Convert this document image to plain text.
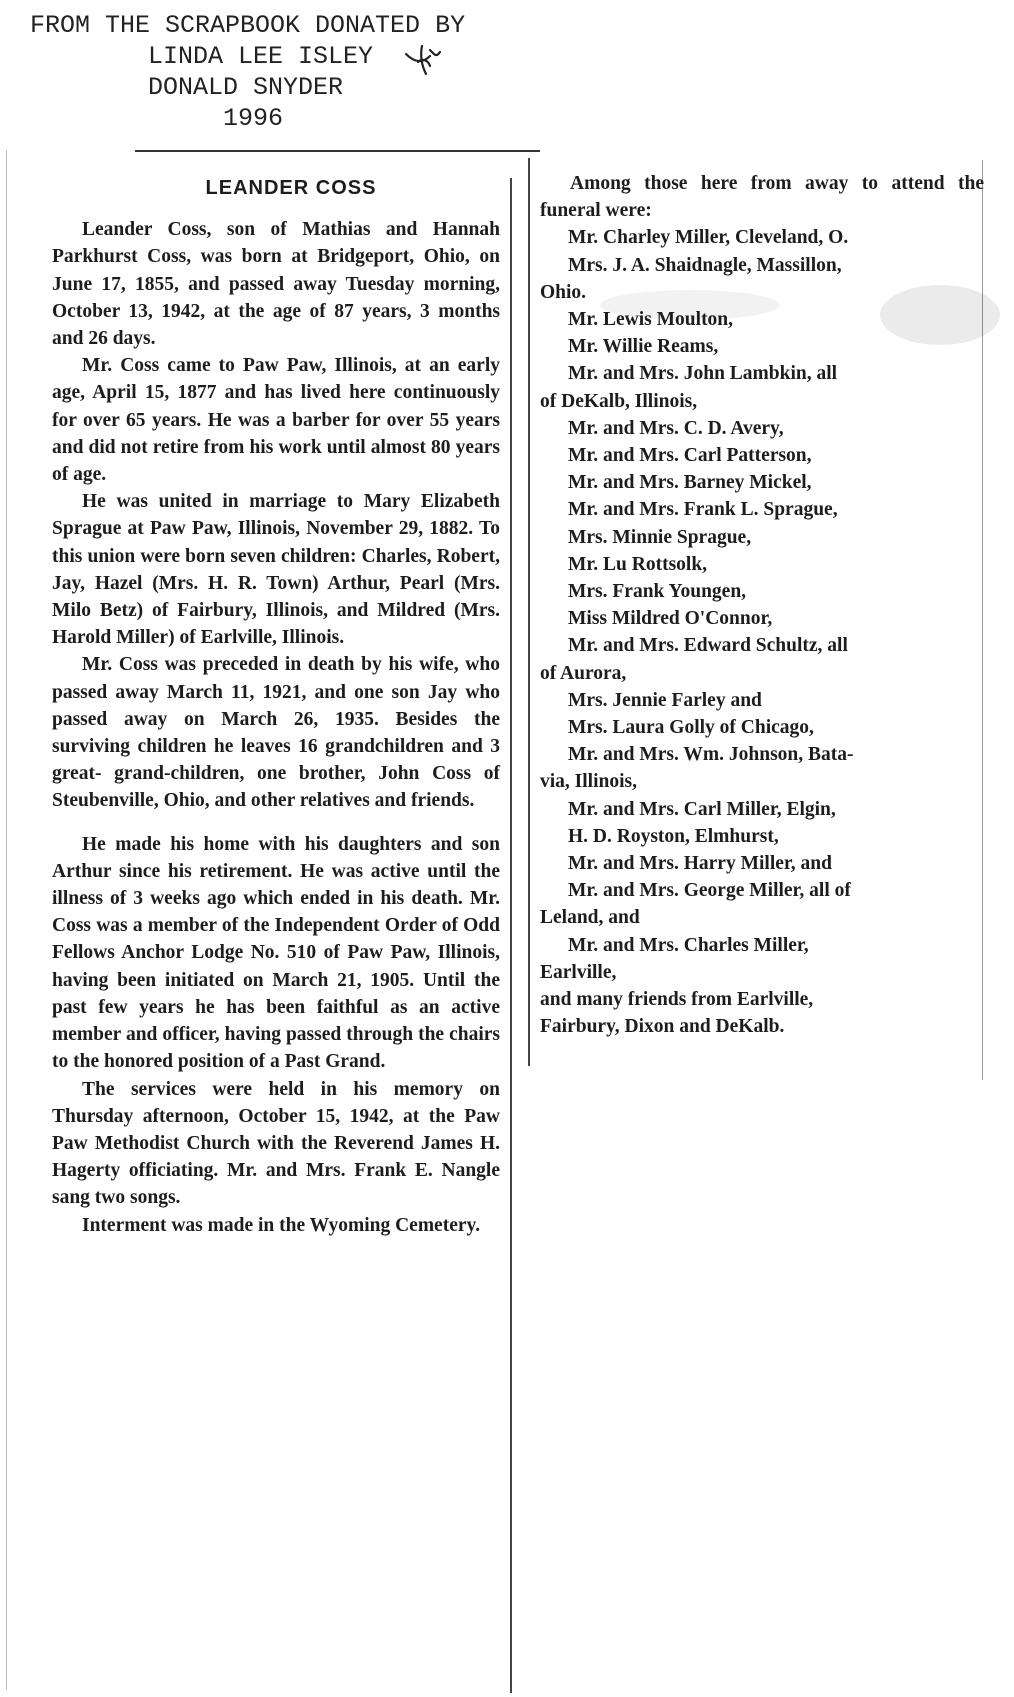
FROM THE SCRAPBOOK DONATED BY
LINDA LEE ISLEY
DONALD SNYDER
1996

LEANDER COSS

Leander Coss, son of Mathias and Hannah Parkhurst Coss, was born at Bridgeport, Ohio, on June 17, 1855, and passed away Tuesday morning, October 13, 1942, at the age of 87 years, 3 months and 26 days.

Mr. Coss came to Paw Paw, Illinois, at an early age, April 15, 1877 and has lived here continuously for over 65 years. He was a barber for over 55 years and did not retire from his work until almost 80 years of age.

He was united in marriage to Mary Elizabeth Sprague at Paw Paw, Illinois, November 29, 1882. To this union were born seven children: Charles, Robert, Jay, Hazel (Mrs. H. R. Town) Arthur, Pearl (Mrs. Milo Betz) of Fairbury, Illinois, and Mildred (Mrs. Harold Miller) of Earlville, Illinois.

Mr. Coss was preceded in death by his wife, who passed away March 11, 1921, and one son Jay who passed away on March 26, 1935. Besides the surviving children he leaves 16 grandchildren and 3 great- grand-children, one brother, John Coss of Steubenville, Ohio, and other relatives and friends.

He made his home with his daughters and son Arthur since his retirement. He was active until the illness of 3 weeks ago which ended in his death. Mr. Coss was a member of the Independent Order of Odd Fellows Anchor Lodge No. 510 of Paw Paw, Illinois, having been initiated on March 21, 1905. Until the past few years he has been faithful as an active member and officer, having passed through the chairs to the honored position of a Past Grand.

The services were held in his memory on Thursday afternoon, October 15, 1942, at the Paw Paw Methodist Church with the Reverend James H. Hagerty officiating. Mr. and Mrs. Frank E. Nangle sang two songs.

Interment was made in the Wyoming Cemetery.

Among those here from away to attend the funeral were:

Mr. Charley Miller, Cleveland, O.
Mrs. J. A. Shaidnagle, Massillon,
Ohio.
Mr. Lewis Moulton,
Mr. Willie Reams,
Mr. and Mrs. John Lambkin, all
of DeKalb, Illinois,
Mr. and Mrs. C. D. Avery,
Mr. and Mrs. Carl Patterson,
Mr. and Mrs. Barney Mickel,
Mr. and Mrs. Frank L. Sprague,
Mrs. Minnie Sprague,
Mr. Lu Rottsolk,
Mrs. Frank Youngen,
Miss Mildred O'Connor,
Mr. and Mrs. Edward Schultz, all
of Aurora,
Mrs. Jennie Farley and
Mrs. Laura Golly of Chicago,
Mr. and Mrs. Wm. Johnson, Bata-
via, Illinois,
Mr. and Mrs. Carl Miller, Elgin,
H. D. Royston, Elmhurst,
Mr. and Mrs. Harry Miller, and
Mr. and Mrs. George Miller, all of
Leland, and
Mr. and Mrs. Charles Miller,
Earlville,
and many friends from Earlville,
Fairbury, Dixon and DeKalb.
